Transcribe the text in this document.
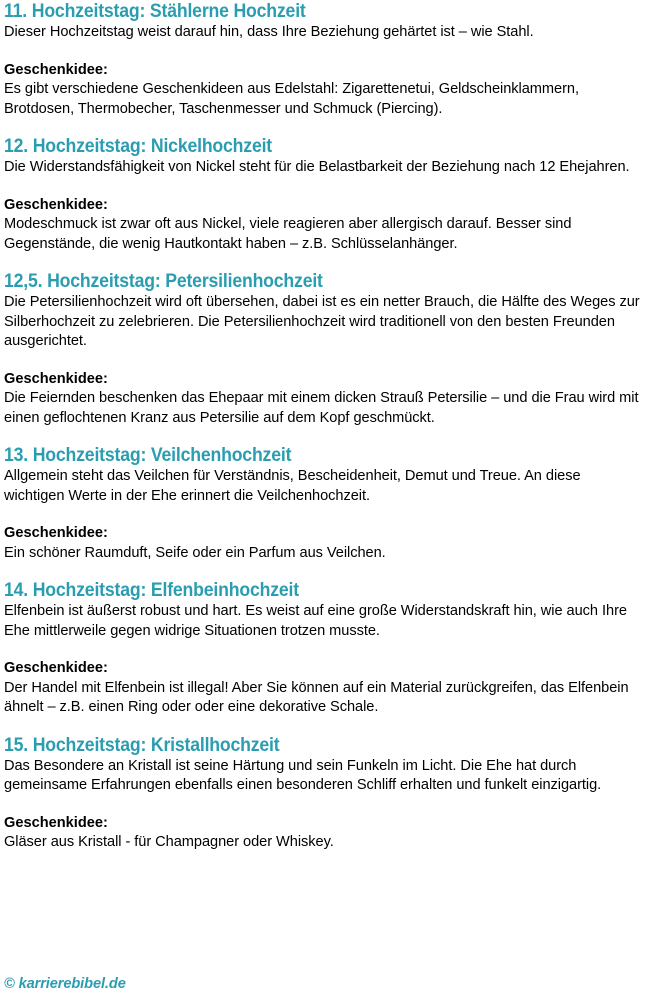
11. Hochzeitstag: Stählerne Hochzeit

Dieser Hochzeitstag weist darauf hin, dass Ihre Beziehung gehärtet ist – wie Stahl.

Geschenkidee:

Es gibt verschiedene Geschenkideen aus Edelstahl: Zigarettenetui, Geldscheinklammern, Brotdosen, Thermobecher, Taschenmesser und Schmuck (Piercing).

12. Hochzeitstag: Nickelhochzeit

Die Widerstandsfähigkeit von Nickel steht für die Belastbarkeit der Beziehung nach 12 Ehejahren.

Geschenkidee:

Modeschmuck ist zwar oft aus Nickel, viele reagieren aber allergisch darauf. Besser sind Gegenstände, die wenig Hautkontakt haben – z.B. Schlüsselanhänger.

12,5. Hochzeitstag: Petersilienhochzeit

Die Petersilienhochzeit wird oft übersehen, dabei ist es ein netter Brauch, die Hälfte des Weges zur Silberhochzeit zu zelebrieren. Die Petersilienhochzeit wird traditionell von den besten Freunden ausgerichtet.

Geschenkidee:

Die Feiernden beschenken das Ehepaar mit einem dicken Strauß Petersilie – und die Frau wird mit einen geflochtenen Kranz aus Petersilie auf dem Kopf geschmückt.

13. Hochzeitstag: Veilchenhochzeit

Allgemein steht das Veilchen für Verständnis, Bescheidenheit, Demut und Treue. An diese wichtigen Werte in der Ehe erinnert die Veilchenhochzeit.

Geschenkidee:

Ein schöner Raumduft, Seife oder ein Parfum aus Veilchen.

14. Hochzeitstag: Elfenbeinhochzeit

Elfenbein ist äußerst robust und hart. Es weist auf eine große Widerstandskraft hin, wie auch Ihre Ehe mittlerweile gegen widrige Situationen trotzen musste.

Geschenkidee:

Der Handel mit Elfenbein ist illegal! Aber Sie können auf ein Material zurückgreifen, das Elfenbein ähnelt – z.B. einen Ring oder oder eine dekorative Schale.

15. Hochzeitstag: Kristallhochzeit

Das Besondere an Kristall ist seine Härtung und sein Funkeln im Licht. Die Ehe hat durch gemeinsame Erfahrungen ebenfalls einen besonderen Schliff erhalten und funkelt einzigartig.

Geschenkidee:

Gläser aus Kristall - für Champagner oder Whiskey.

© karrierebibel.de
